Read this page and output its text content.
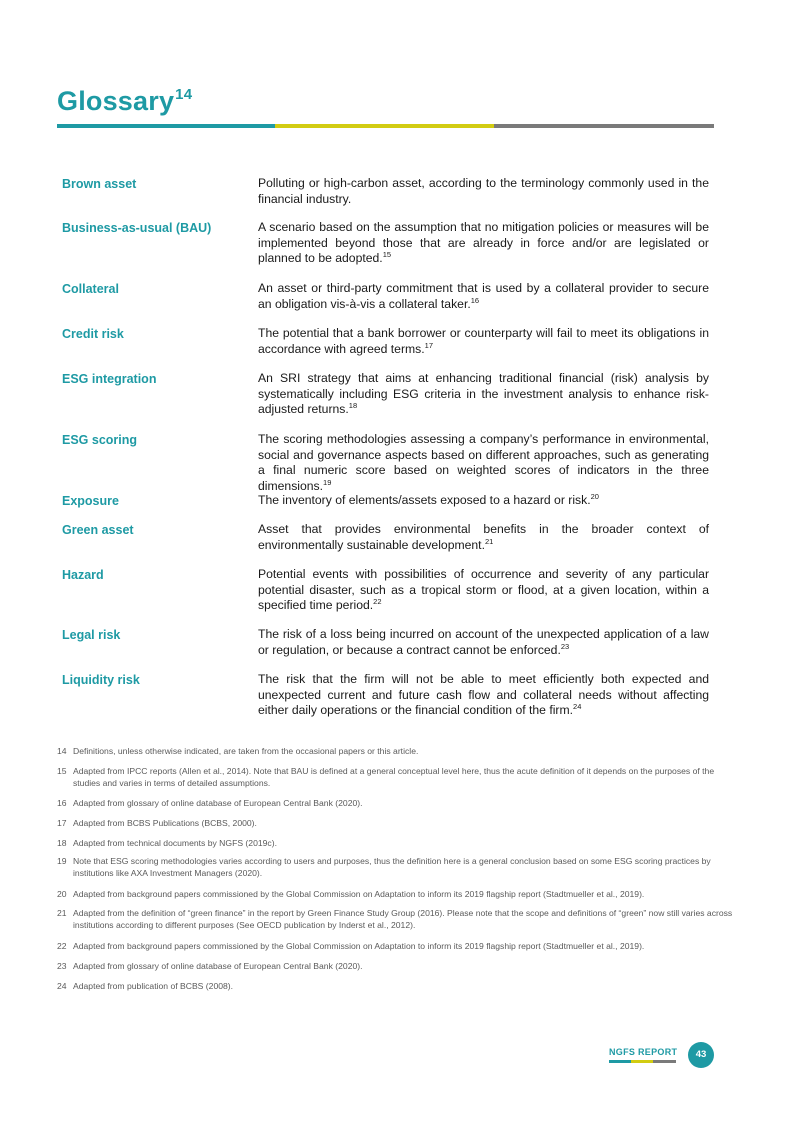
Glossary$^{14}$
Brown asset	Polluting or high-carbon asset, according to the terminology commonly used in the financial industry.
Business-as-usual (BAU)	A scenario based on the assumption that no mitigation policies or measures will be implemented beyond those that are already in force and/or are legislated or planned to be adopted.$^{15}$
Collateral	An asset or third-party commitment that is used by a collateral provider to secure an obligation vis-à-vis a collateral taker.$^{16}$
Credit risk	The potential that a bank borrower or counterparty will fail to meet its obligations in accordance with agreed terms.$^{17}$
ESG integration	An SRI strategy that aims at enhancing traditional financial (risk) analysis by systematically including ESG criteria in the investment analysis to enhance risk-adjusted returns.$^{18}$
ESG scoring	The scoring methodologies assessing a company’s performance in environmental, social and governance aspects based on different approaches, such as generating a final numeric score based on weighted scores of indicators in the three dimensions.$^{19}$
Exposure	The inventory of elements/assets exposed to a hazard or risk.$^{20}$
Green asset	Asset that provides environmental benefits in the broader context of environmentally sustainable development.$^{21}$
Hazard	Potential events with possibilities of occurrence and severity of any particular potential disaster, such as a tropical storm or flood, at a given location, within a specified time period.$^{22}$
Legal risk	The risk of a loss being incurred on account of the unexpected application of a law or regulation, or because a contract cannot be enforced.$^{23}$
Liquidity risk	The risk that the firm will not be able to meet efficiently both expected and unexpected current and future cash flow and collateral needs without affecting either daily operations or the financial condition of the firm.$^{24}$
14 Definitions, unless otherwise indicated, are taken from the occasional papers or this article.
15 Adapted from IPCC reports (Allen et al., 2014). Note that BAU is defined at a general conceptual level here, thus the acute definition of it depends on the purposes of the studies and varies in terms of detailed assumptions.
16 Adapted from glossary of online database of European Central Bank (2020).
17 Adapted from BCBS Publications (BCBS, 2000).
18 Adapted from technical documents by NGFS (2019c).
19 Note that ESG scoring methodologies varies according to users and purposes, thus the definition here is a general conclusion based on some ESG scoring practices by institutions like AXA Investment Managers (2020).
20 Adapted from background papers commissioned by the Global Commission on Adaptation to inform its 2019 flagship report (Stadtmueller et al., 2019).
21 Adapted from the definition of “green finance” in the report by Green Finance Study Group (2016). Please note that the scope and definitions of “green” now still varies across institutions according to different purposes (See OECD publication by Inderst et al., 2012).
22 Adapted from background papers commissioned by the Global Commission on Adaptation to inform its 2019 flagship report (Stadtmueller et al., 2019).
23 Adapted from glossary of online database of European Central Bank (2020).
24 Adapted from publication of BCBS (2008).
NGFS REPORT	43
